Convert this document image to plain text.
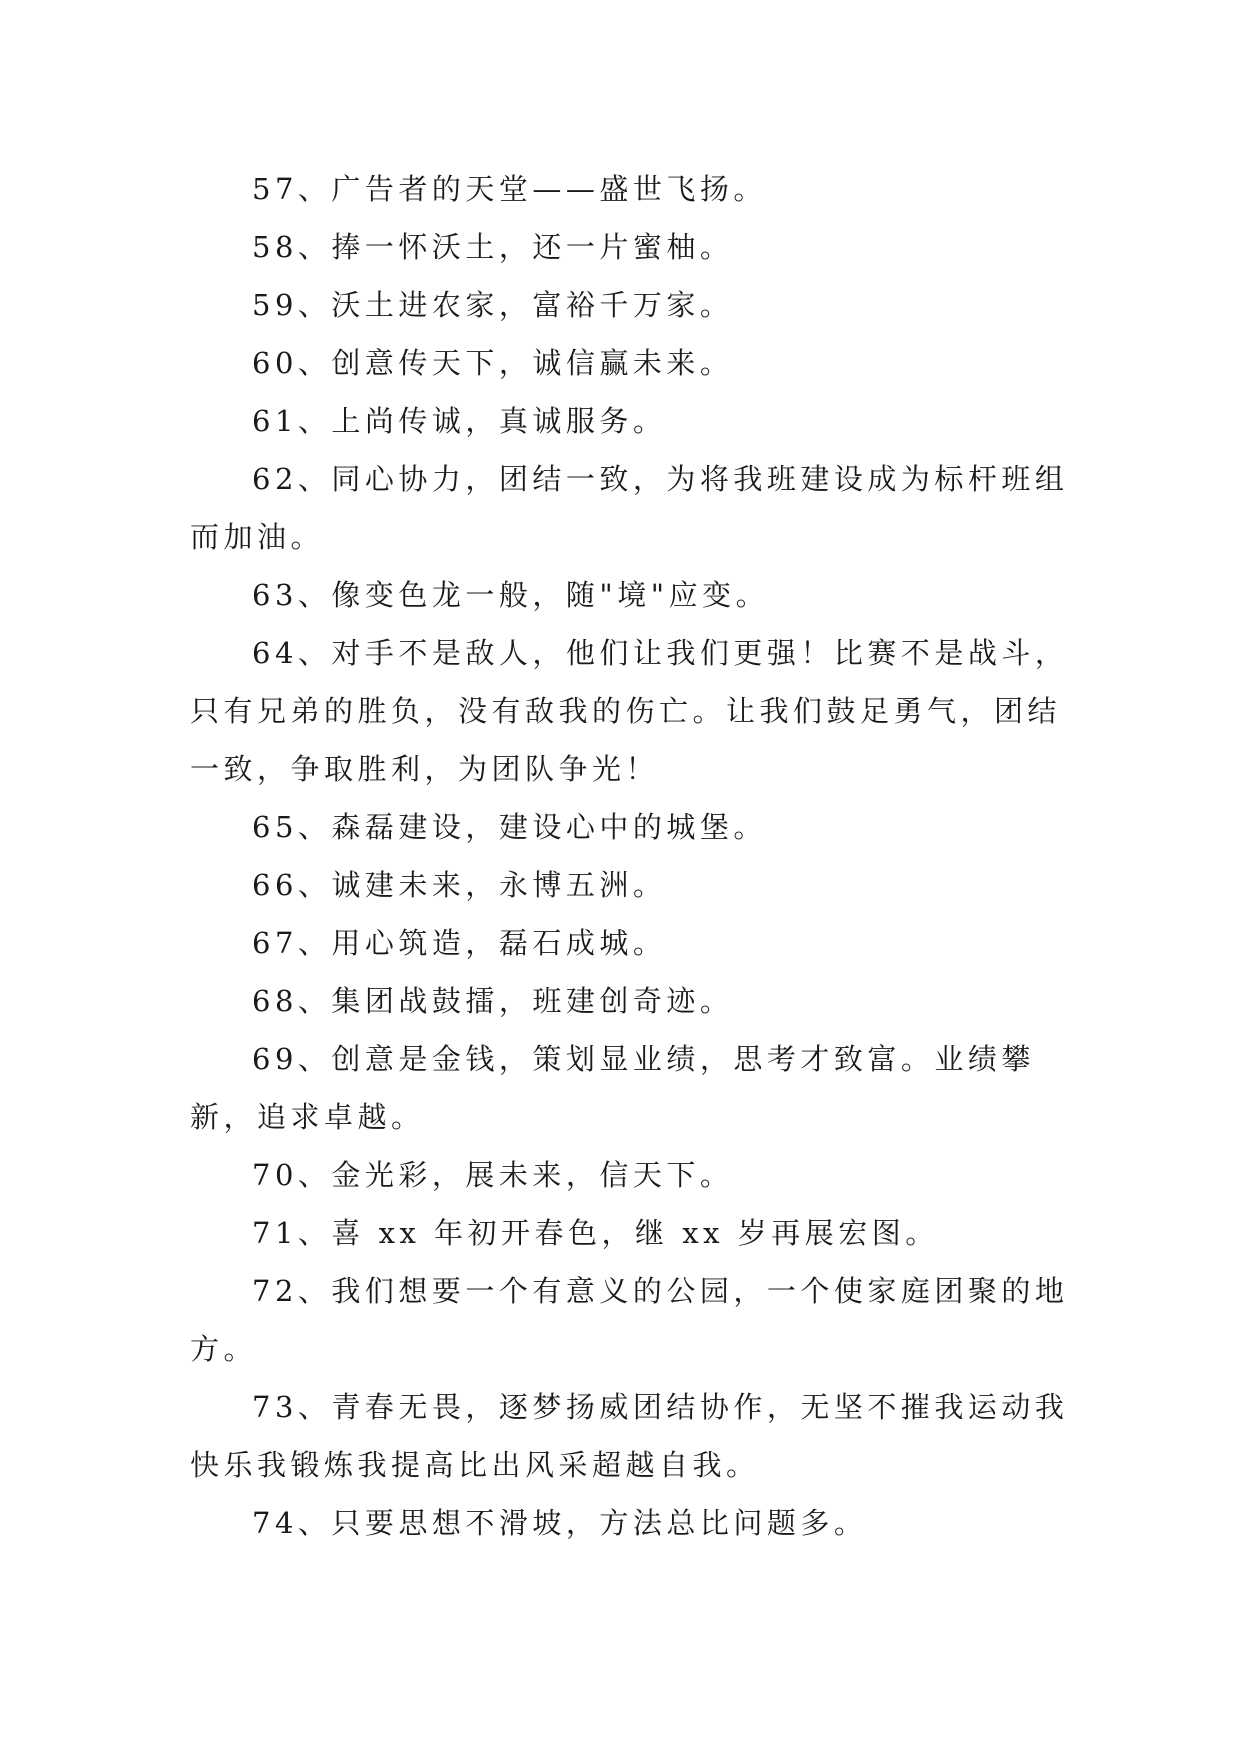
57、广告者的天堂——盛世飞扬。

58、捧一怀沃土，还一片蜜柚。

59、沃土进农家，富裕千万家。

60、创意传天下，诚信赢未来。

61、上尚传诚，真诚服务。

62、同心协力，团结一致，为将我班建设成为标杆班组而加油。

63、像变色龙一般，随"境"应变。

64、对手不是敌人，他们让我们更强！比赛不是战斗，只有兄弟的胜负，没有敌我的伤亡。让我们鼓足勇气，团结一致，争取胜利，为团队争光！

65、森磊建设，建设心中的城堡。

66、诚建未来，永博五洲。

67、用心筑造，磊石成城。

68、集团战鼓擂，班建创奇迹。

69、创意是金钱，策划显业绩，思考才致富。业绩攀新，追求卓越。

70、金光彩，展未来，信天下。

71、喜 xx 年初开春色，继 xx 岁再展宏图。

72、我们想要一个有意义的公园，一个使家庭团聚的地方。

73、青春无畏，逐梦扬威团结协作，无坚不摧我运动我快乐我锻炼我提高比出风采超越自我。

74、只要思想不滑坡，方法总比问题多。
